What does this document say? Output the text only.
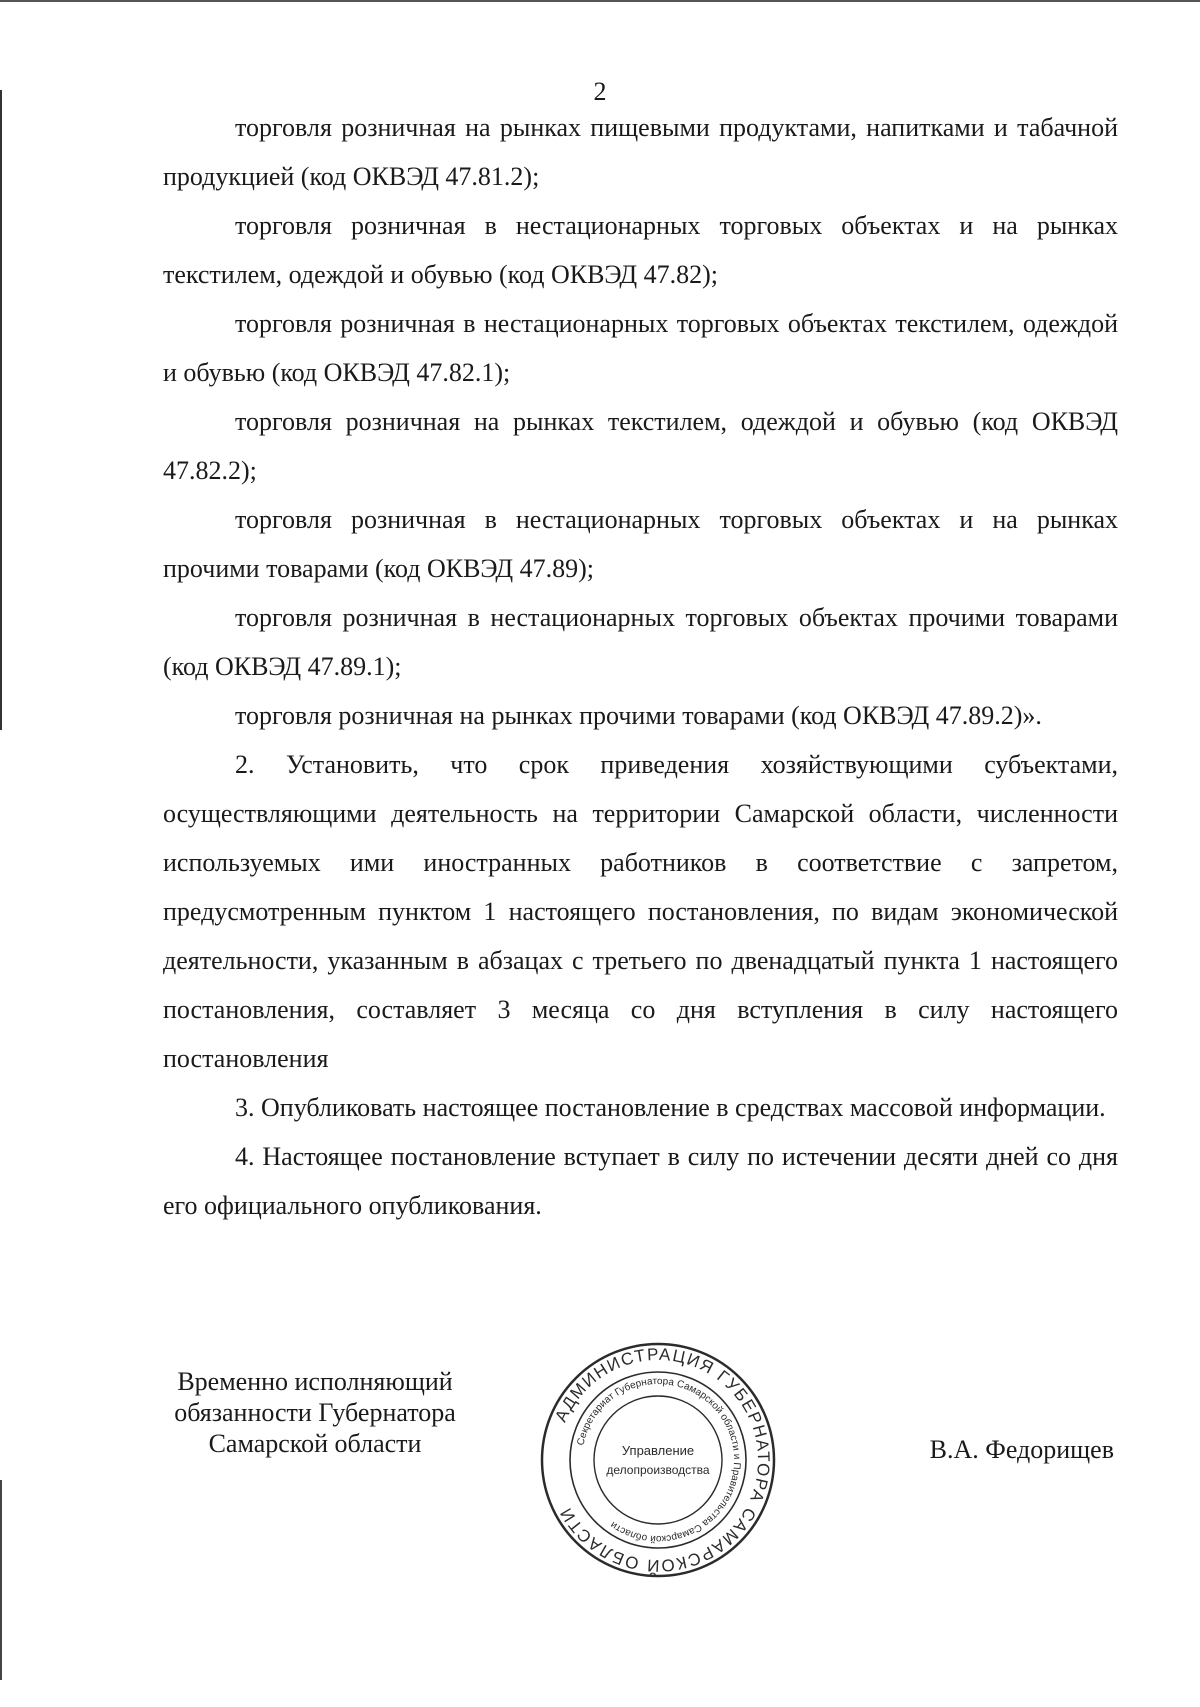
2

торговля розничная на рынках пищевыми продуктами, напитками и табачной продукцией (код ОКВЭД 47.81.2);

торговля розничная в нестационарных торговых объектах и на рынках текстилем, одеждой и обувью (код ОКВЭД 47.82);

торговля розничная в нестационарных торговых объектах текстилем, одеждой и обувью (код ОКВЭД 47.82.1);

торговля розничная на рынках текстилем, одеждой и обувью (код ОКВЭД 47.82.2);

торговля розничная в нестационарных торговых объектах и на рынках прочими товарами (код ОКВЭД 47.89);

торговля розничная в нестационарных торговых объектах прочими товарами (код ОКВЭД 47.89.1);

торговля розничная на рынках прочими товарами (код ОКВЭД 47.89.2)».

2. Установить, что срок приведения хозяйствующими субъектами, осуществляющими деятельность на территории Самарской области, численности используемых ими иностранных работников в соответствие с запретом, предусмотренным пунктом 1 настоящего постановления, по видам экономической деятельности, указанным в абзацах с третьего по двенадцатый пункта 1 настоящего постановления, составляет 3 месяца со дня вступления в силу настоящего постановления

3. Опубликовать настоящее постановление в средствах массовой информации.

4. Настоящее постановление вступает в силу по истечении десяти дней со дня его официального опубликования.

Временно исполняющий
обязанности Губернатора
Самарской области
АДМИНИСТРАЦИЯ ГУБЕРНАТОРА САМАРСКОЙ ОБЛАСТИ
Секретариат Губернатора Самарской области и Правительства Самарской области
Управление
делопроизводства
В.А. Федорищев
